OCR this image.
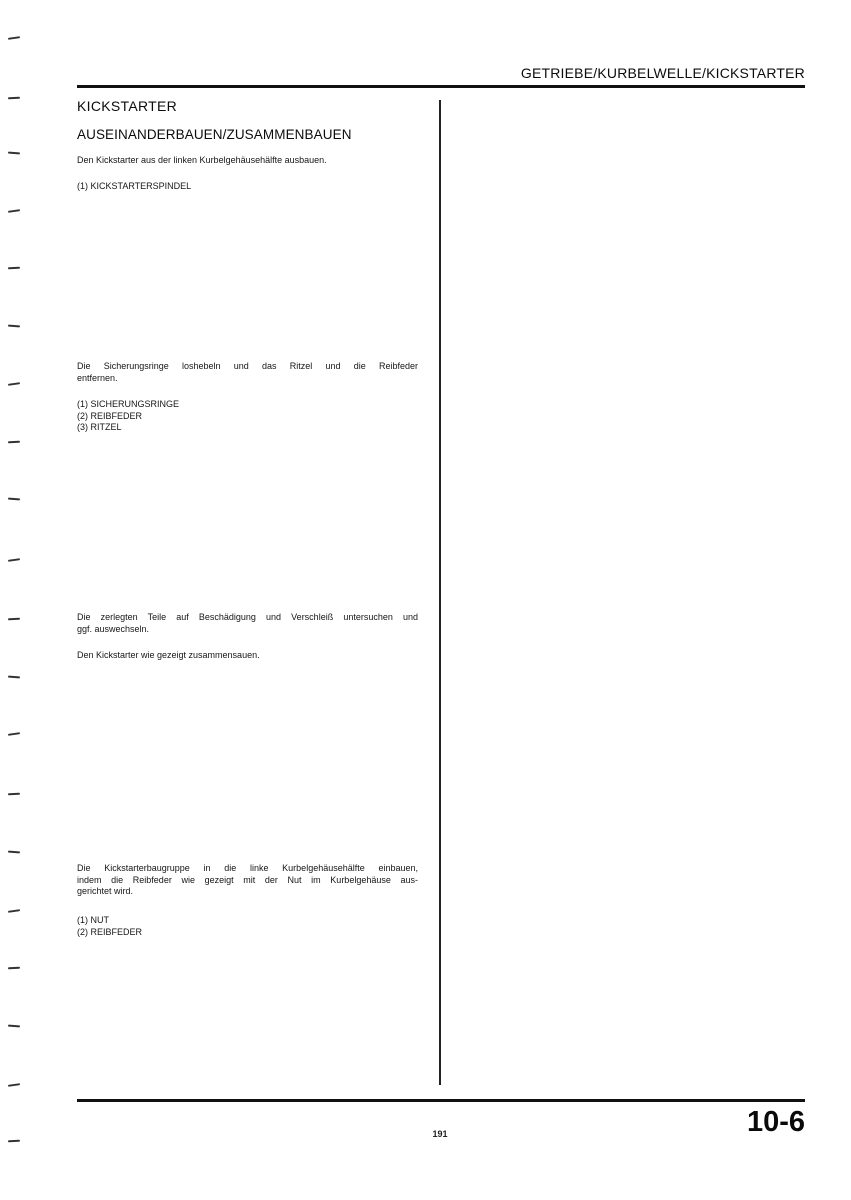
GETRIEBE/KURBELWELLE/KICKSTARTER
KICKSTARTER
AUSEINANDERBAUEN/ZUSAMMENBAUEN
Den Kickstarter aus der linken Kurbelgehäusehälfte ausbauen.
(1) KICKSTARTERSPINDEL
Die Sicherungsringe loshebeln und das Ritzel und die Reibfeder
entfernen.
(1) SICHERUNGSRINGE
(2) REIBFEDER
(3) RITZEL
Die zerlegten Teile auf Beschädigung und Verschleiß untersuchen und
ggf. auswechseln.
Den Kickstarter wie gezeigt zusammensauen.
Die Kickstarterbaugruppe in die linke Kurbelgehäusehälfte einbauen,
indem die Reibfeder wie gezeigt mit der Nut im Kurbelgehäuse aus-
gerichtet wird.
(1) NUT
(2) REIBFEDER
191	10-6
